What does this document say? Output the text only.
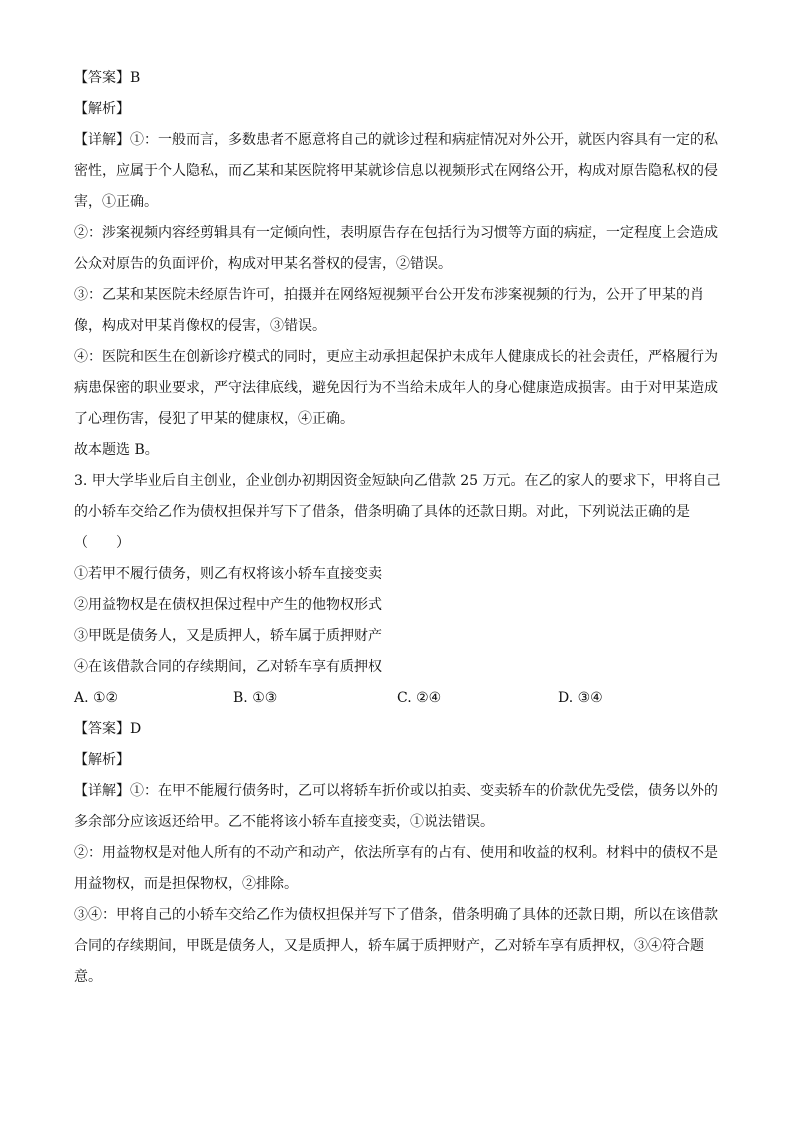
【答案】B

【解析】

【详解】①：一般而言，多数患者不愿意将自己的就诊过程和病症情况对外公开，就医内容具有一定的私

密性，应属于个人隐私，而乙某和某医院将甲某就诊信息以视频形式在网络公开，构成对原告隐私权的侵

害，①正确。

②：涉案视频内容经剪辑具有一定倾向性，表明原告存在包括行为习惯等方面的病症，一定程度上会造成

公众对原告的负面评价，构成对甲某名誉权的侵害，②错误。

③：乙某和某医院未经原告许可，拍摄并在网络短视频平台公开发布涉案视频的行为，公开了甲某的肖

像，构成对甲某肖像权的侵害，③错误。

④：医院和医生在创新诊疗模式的同时，更应主动承担起保护未成年人健康成长的社会责任，严格履行为

病患保密的职业要求，严守法律底线，避免因行为不当给未成年人的身心健康造成损害。由于对甲某造成

了心理伤害，侵犯了甲某的健康权，④正确。

故本题选 B。

3. 甲大学毕业后自主创业，企业创办初期因资金短缺向乙借款 25 万元。在乙的家人的要求下，甲将自己

的小轿车交给乙作为债权担保并写下了借条，借条明确了具体的还款日期。对此，下列说法正确的是

（　　）

①若甲不履行债务，则乙有权将该小轿车直接变卖

②用益物权是在债权担保过程中产生的他物权形式

③甲既是债务人，又是质押人，轿车属于质押财产

④在该借款合同的存续期间，乙对轿车享有质押权

A. ①②	B. ①③	C. ②④	D. ③④

【答案】D

【解析】

【详解】①：在甲不能履行债务时，乙可以将轿车折价或以拍卖、变卖轿车的价款优先受偿，债务以外的

多余部分应该返还给甲。乙不能将该小轿车直接变卖，①说法错误。

②：用益物权是对他人所有的不动产和动产，依法所享有的占有、使用和收益的权利。材料中的债权不是

用益物权，而是担保物权，②排除。

③④：甲将自己的小轿车交给乙作为债权担保并写下了借条，借条明确了具体的还款日期，所以在该借款

合同的存续期间，甲既是债务人，又是质押人，轿车属于质押财产，乙对轿车享有质押权，③④符合题

意。
